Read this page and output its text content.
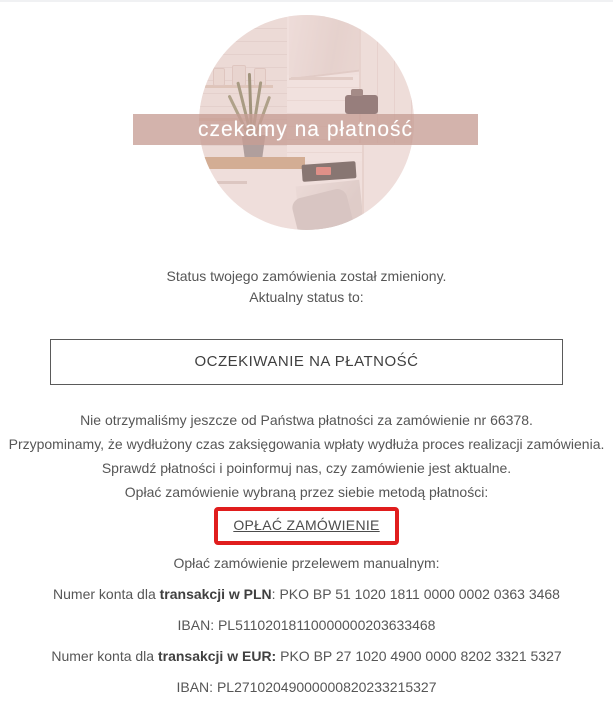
czekamy na płatność
Status twojego zamówienia został zmieniony.
Aktualny status to:
OCZEKIWANIE NA PŁATNOŚĆ
Nie otrzymaliśmy jeszcze od Państwa płatności za zamówienie nr 66378.
Przypominamy, że wydłużony czas zaksięgowania wpłaty wydłuża proces realizacji zamówienia.
Sprawdź płatności i poinformuj nas, czy zamówienie jest aktualne.
Opłać zamówienie wybraną przez siebie metodą płatności:
OPŁAĆ ZAMÓWIENIE
Opłać zamówienie przelewem manualnym:
Numer konta dla transakcji w PLN: PKO BP 51 1020 1811 0000 0002 0363 3468
IBAN: PL51102018110000000203633468
Numer konta dla transakcji w EUR: PKO BP 27 1020 4900 0000 8202 3321 5327
IBAN: PL27102049000000820233215327
